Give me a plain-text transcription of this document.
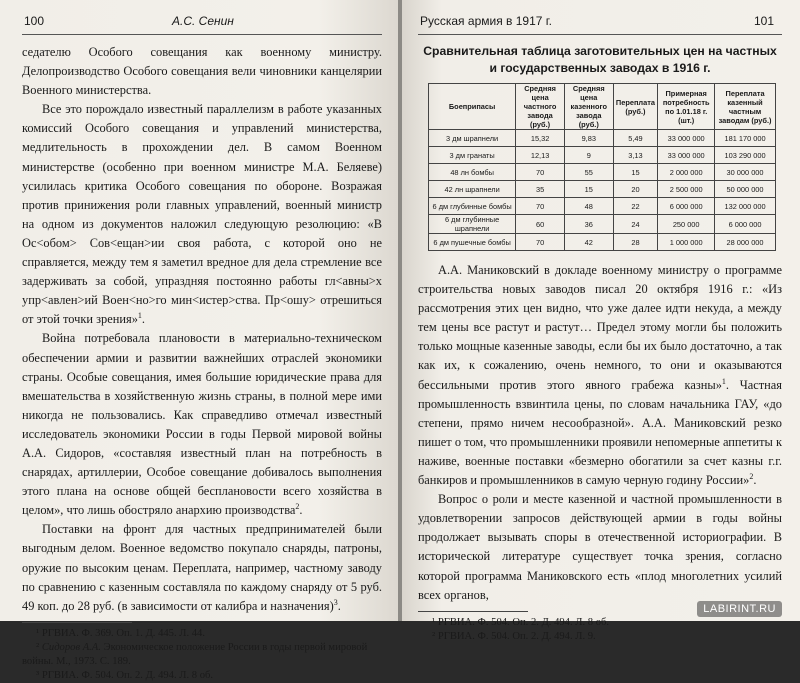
100	А.С. Сенин

седателю Особого совещания как военному министру. Делопроизводство Особого совещания вели чиновники канцелярии Военного министерства.

Все это порождало известный параллелизм в работе указанных комиссий Особого совещания и управлений министерства, медлительность в прохождении дел. В самом Военном министерстве (особенно при военном министре М.А. Беляеве) усилилась критика Особого совещания по обороне. Возражая против принижения роли главных управлений, военный министр на одном из документов наложил следующую резолюцию: «В Ос<обом> Сов<ещан>ии своя работа, с которой оно не справляется, между тем я заметил вредное для дела стремление все задерживать за собой, упраздняя постоянно работы гл<авны>х упр<авлен>ий Воен<но>го мин<истер>ства. Пр<ошу> отрешиться от этой точки зрения»$^1$.

Война потребовала плановости в материально-техническом обеспечении армии и развитии важнейших отраслей экономики страны. Особые совещания, имея большие юридические права для вмешательства в хозяйственную жизнь страны, в полной мере ими никогда не пользовались. Как справедливо отмечал известный исследователь экономики России в годы Первой мировой войны А.А. Сидоров, «составляя известный план на потребность в снарядах, артиллерии, Особое совещание добивалось выполнения этого плана на основе общей бесплановости всего хозяйства в целом», что лишь обостряло анархию производства$^2$.

Поставки на фронт для частных предпринимателей были выгодным делом. Военное ведомство покупало снаряды, патроны, оружие по высоким ценам. Переплата, например, частному заводу по сравнению с казенным составляла по каждому снаряду от 5 руб. 49 коп. до 28 руб. (в зависимости от калибра и назначения)$^3$.

¹ РГВИА. Ф. 369. Оп. 1. Д. 445. Л. 44.

² Сидоров А.А. Экономическое положение России в годы первой мировой войны. М., 1973. С. 189.

³ РГВИА. Ф. 504. Оп. 2. Д. 494. Л. 8 об.

Русская армия в 1917 г.	101
Сравнительная таблица заготовительных цен на частных
и государственных заводах в 1916 г.
Боеприпасы	Средняя цена частного завода (руб.)	Средняя цена казенного завода (руб.)	Переплата (руб.)	Примерная потребность по 1.01.18 г. (шт.)	Переплата казенный частным заводам (руб.)
3 дм шрапнели	15,32	9,83	5,49	33 000 000	181 170 000
3 дм гранаты	12,13	9	3,13	33 000 000	103 290 000
48 лн бомбы	70	55	15	2 000 000	30 000 000
42 лн шрапнели	35	15	20	2 500 000	50 000 000
6 дм глубинные бомбы	70	48	22	6 000 000	132 000 000
6 дм глубинные шрапнели	60	36	24	250 000	6 000 000
6 дм пушечные бомбы	70	42	28	1 000 000	28 000 000

А.А. Маниковский в докладе военному министру о программе строительства новых заводов писал 20 октября 1916 г.: «Из рассмотрения этих цен видно, что уже далее идти некуда, а между тем цены все растут и растут… Предел этому могли бы положить только мощные казенные заводы, если бы их было достаточно, а так как их, к сожалению, очень немного, то они и оказываются бессильными против этого явного грабежа казны»$^1$. Частная промышленность взвинтила цены, по словам начальника ГАУ, «до степени, прямо ничем несообразной». А.А. Маниковский резко пишет о том, что промышленники проявили непомерные аппетиты к наживе, военные поставки «безмерно обогатили за счет казны г.г. банкиров и промышленников в самую черную годину России»$^2$.

Вопрос о роли и месте казенной и частной промышленности в удовлетворении запросов действующей армии в годы войны продолжает вызывать споры в отечественной историографии. В исторической литературе существует точка зрения, согласно которой программа Маниковского есть «плод многолетних усилий всех органов,

¹ РГВИА. Ф. 504. Оп. 2. Д. 494. Л. 8 об.

² РГВИА. Ф. 504. Оп. 2. Д. 494. Л. 9.

LABIRINT.RU
